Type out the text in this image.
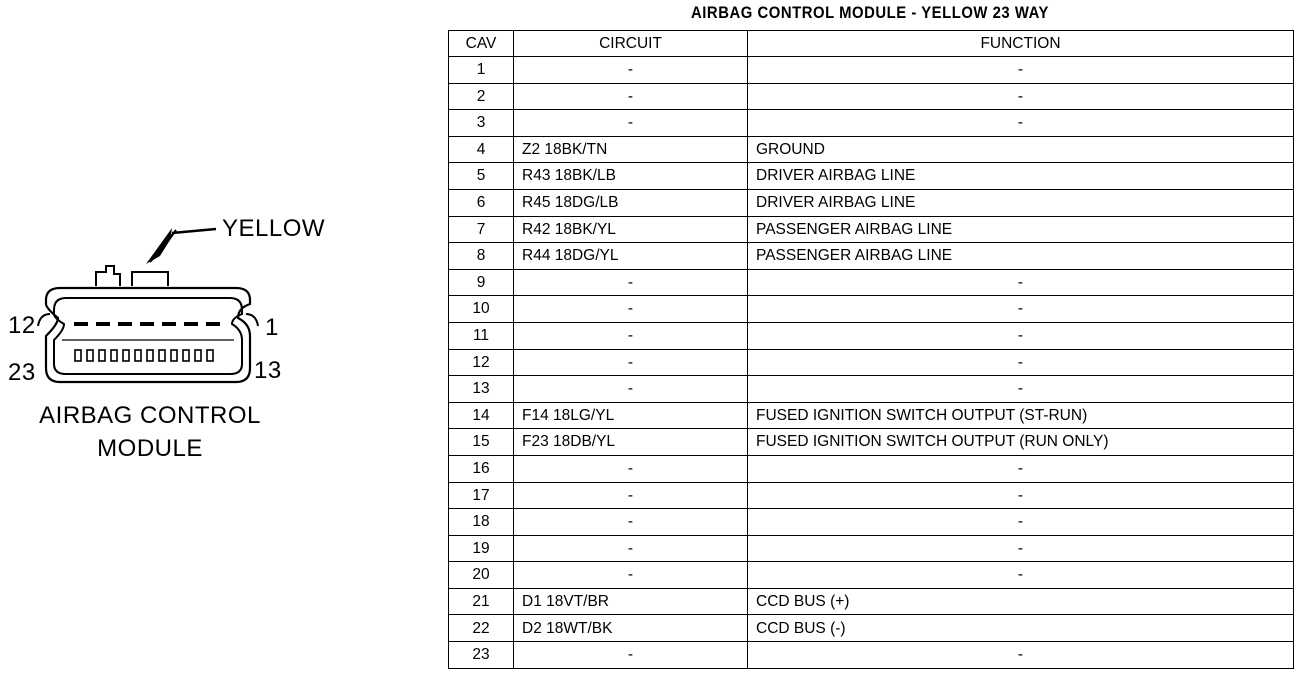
YELLOW
12	1
23	13
AIRBAG CONTROL
MODULE
AIRBAG CONTROL MODULE - YELLOW 23 WAY
CAV	CIRCUIT	FUNCTION
1	-	-
2	-	-
3	-	-
4	Z2 18BK/TN	GROUND
5	R43 18BK/LB	DRIVER AIRBAG LINE
6	R45 18DG/LB	DRIVER AIRBAG LINE
7	R42 18BK/YL	PASSENGER AIRBAG LINE
8	R44 18DG/YL	PASSENGER AIRBAG LINE
9	-	-
10	-	-
11	-	-
12	-	-
13	-	-
14	F14 18LG/YL	FUSED IGNITION SWITCH OUTPUT (ST-RUN)
15	F23 18DB/YL	FUSED IGNITION SWITCH OUTPUT (RUN ONLY)
16	-	-
17	-	-
18	-	-
19	-	-
20	-	-
21	D1 18VT/BR	CCD BUS (+)
22	D2 18WT/BK	CCD BUS (-)
23	-	-
